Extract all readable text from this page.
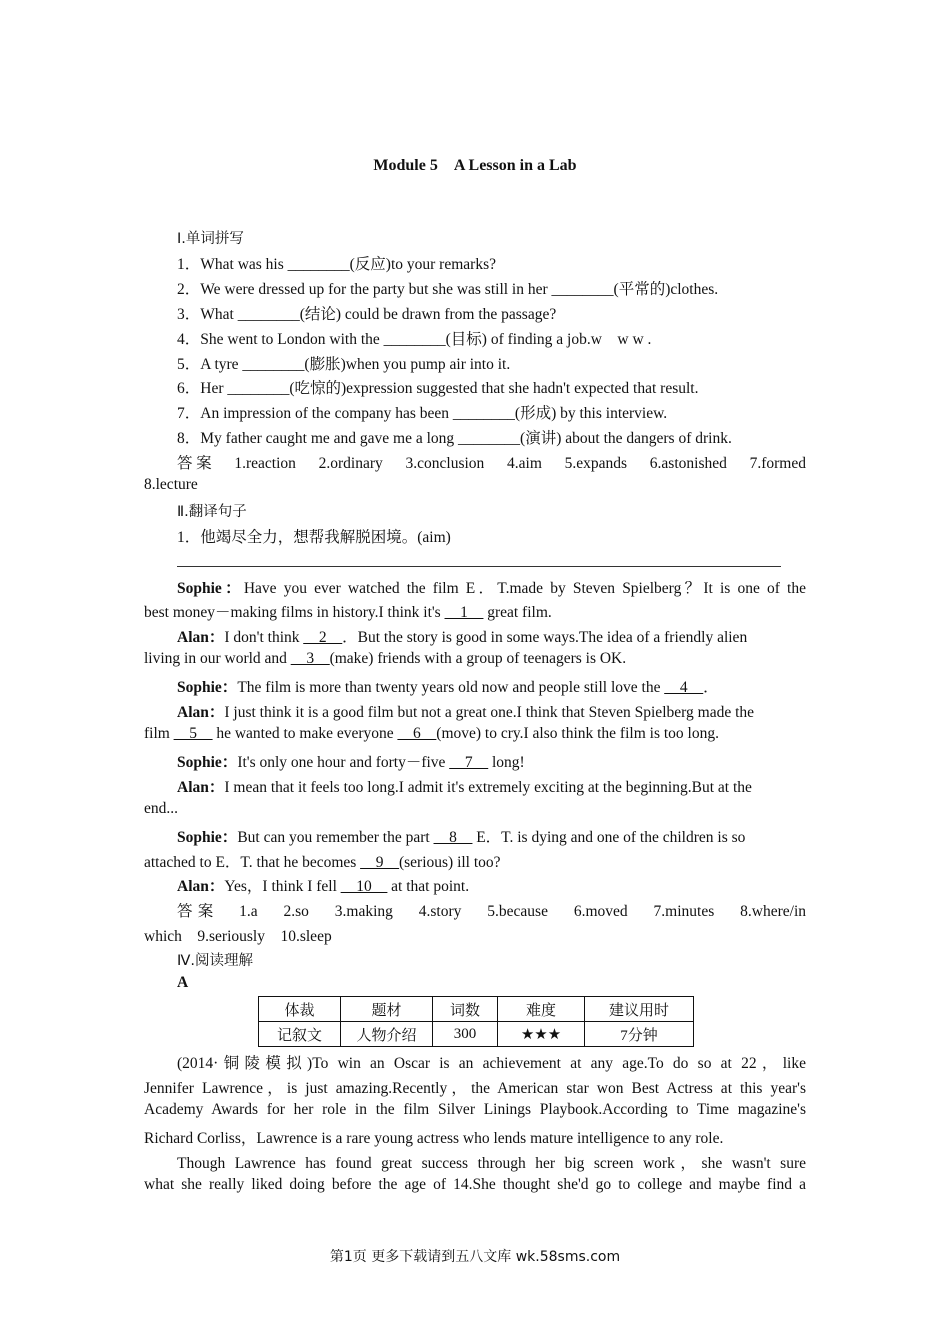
Module 5　A Lesson in a Lab
Ⅰ.单词拼写
1．What was his ________(反应)to your remarks?
2．We were dressed up for the party but she was still in her ________(平常的)clothes.
3．What ________(结论) could be drawn from the passage?
4．She went to London with the ________(目标) of finding a job.w　w w .
5．A tyre ________(膨胀)when you pump air into it.
6．Her ________(吃惊的)expression suggested that she hadn't expected that result.
7．An impression of the company has been ________(形成) by this interview.
8．My father caught me and gave me a long ________(演讲) about the dangers of drink.
答案　1.reaction　2.ordinary　3.conclusion　4.aim　5.expands　6.astonished　7.formed
8.lecture
Ⅱ.翻译句子
1．他竭尽全力，想帮我解脱困境。(aim)
Sophie：Have you ever watched the film E．T.made by Steven Spielberg？It is one of the
best money－making films in history.I think it's __1__ great film.
Alan：I don't think __2__．But the story is good in some ways.The idea of a friendly alien
living in our world and __3__(make) friends with a group of teenagers is OK.
Sophie：The film is more than twenty years old now and people still love the __4__．
Alan：I just think it is a good film but not a great one.I think that Steven Spielberg made the
film __5__ he wanted to make everyone __6__(move) to cry.I also think the film is too long.
Sophie：It's only one hour and forty－five __7__ long!
Alan：I mean that it feels too long.I admit it's extremely exciting at the beginning.But at the
end...
Sophie：But can you remember the part __8__ E．T. is dying and one of the children is so
attached to E．T. that he becomes __9__(serious) ill too?
Alan：Yes，I think I fell __10__ at that point.
答案　1.a　2.so　3.making　4.story　5.because　6.moved　7.minutes　8.where/in
which　9.seriously　10.sleep
Ⅳ.阅读理解
A
体裁	题材	词数	难度	建议用时
记叙文	人物介绍	300	★★★	7分钟
(2014·铜陵模拟)To win an Oscar is an achievement at any age.To do so at 22，like
Jennifer Lawrence，is just amazing.Recently，the American star won Best Actress at this year's
Academy Awards for her role in the film Silver Linings Playbook.According to Time magazine's
Richard Corliss，Lawrence is a rare young actress who lends mature intelligence to any role.
Though Lawrence has found great success through her big screen work，she wasn't sure
what she really liked doing before the age of 14.She thought she'd go to college and maybe find a
第1页 更多下载请到五八文库 wk.58sms.com
